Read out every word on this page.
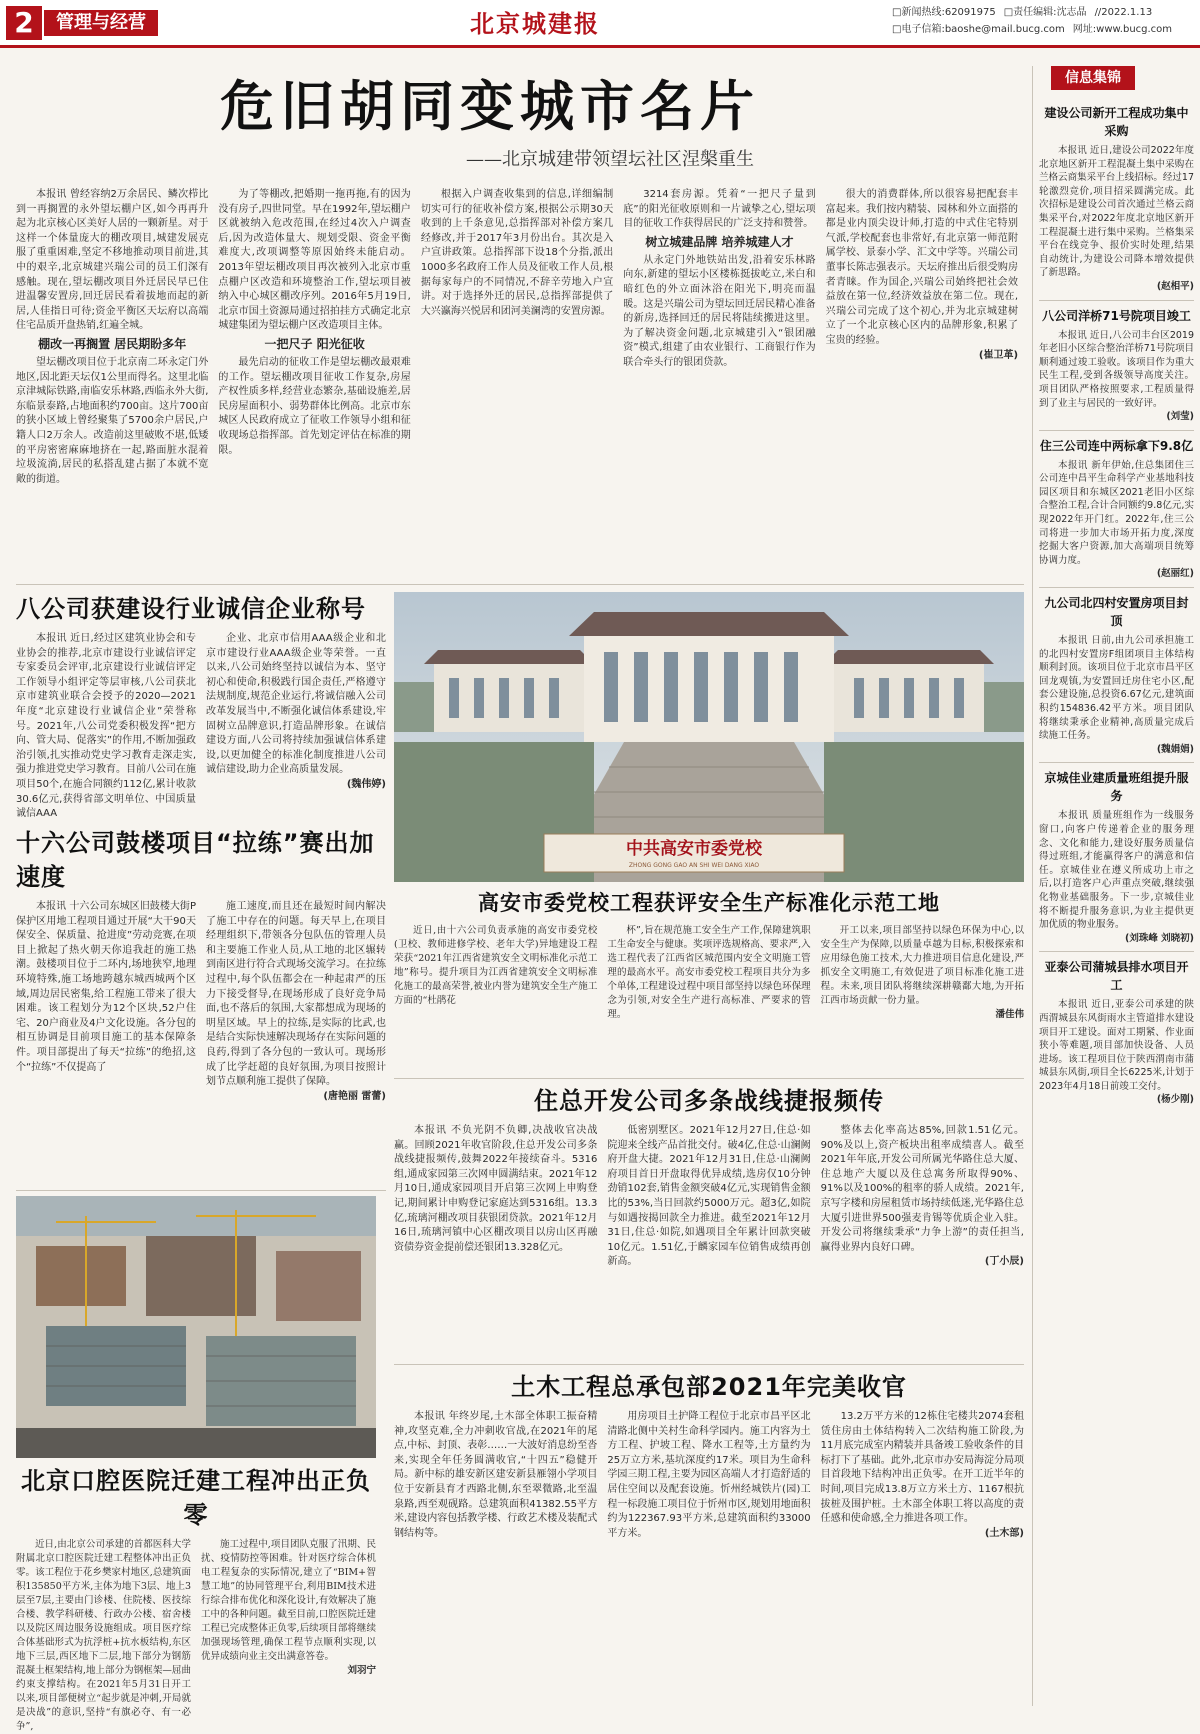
2	管理与经营	北京城建报	□新闻热线:62091975 □责任编辑:沈志晶 //2022.1.13
□电子信箱:baoshe@mail.bucg.com 网址:www.bucg.com
危旧胡同变城市名片
——北京城建带领望坛社区涅槃重生

本报讯 曾经容纳2万余居民、鳞次栉比到一再搁置的永外望坛棚户区,如今再再升起为北京核心区美好人居的一颗新星。对于这样一个体量庞大的棚改项目,城建发展克服了重重困难,坚定不移地推动项目前进,其中的艰辛,北京城建兴瑞公司的员工们深有感触。现在,望坛棚改项目外迁居民早已住进温馨安置房,回迁居民看着拔地而起的新居,人佳指日可待;资金平衡区天坛府以高端住宅品质开盘热销,红遍全城。

棚改一再搁置 居民期盼多年

望坛棚改项目位于北京南二环永定门外地区,因北距天坛仅1公里而得名。这里北临京津城际铁路,南临安乐林路,西临永外大街,东临景泰路,占地面积约700亩。这片700亩的狭小区域上曾经聚集了5700余户居民,户籍人口2万余人。改造前这里破败不堪,低矮的平房密密麻麻地挤在一起,路面脏水混着垃圾流淌,居民的私搭乱建占据了本就不宽敞的街道。

为了等棚改,把婚期一拖再拖,有的因为没有房子,四世同堂。早在1992年,望坛棚户区就被纳入危改范围,在经过4次入户调查后,因为改造体量大、规划受限、资金平衡难度大,改项调整等原因始终未能启动。2013年望坛棚改项目再次被列入北京市重点棚户区改造和环境整治工作,望坛项目被纳入中心城区棚改序列。2016年5月19日,北京市国土资源局通过招拍挂方式确定北京城建集团为望坛棚户区改造项目主体。

一把尺子 阳光征收

最先启动的征收工作是望坛棚改最艰难的工作。望坛棚改项目征收工作复杂,房屋产权性质多样,经营业态繁杂,基础设施差,居民房屋面积小、弱势群体比例高。北京市东城区人民政府成立了征收工作领导小组和征收现场总指挥部。首先划定评估在标准的期限。

根据入户调查收集到的信息,详细编制切实可行的征收补偿方案,根据公示期30天收到的上千条意见,总指挥部对补偿方案几经修改,并于2017年3月份出台。其次是入户宣讲政策。总指挥部下设18个分指,派出1000多名政府工作人员及征收工作人员,根据每家每户的不同情况,不辞辛劳地入户宣讲。对于选择外迁的居民,总指挥部提供了大兴瀛海兴悦居和团河美澜湾的安置房源。

3214套房源。凭着“一把尺子量到底”的阳光征收原则和一片诚挚之心,望坛项目的征收工作获得居民的广泛支持和赞誉。

树立城建品牌 培养城建人才

从永定门外地铁站出发,沿着安乐林路向东,新建的望坛小区楼栋挺拔屹立,米白和暗红色的外立面沐浴在阳光下,明亮而温暖。这是兴瑞公司为望坛回迁居民精心准备的新房,选择回迁的居民将陆续搬进这里。为了解决资金问题,北京城建引入“银团融资”模式,组建了由农业银行、工商银行作为联合牵头行的银团贷款。

很大的消费群体,所以很容易把配套丰富起来。我们按内精装、园林和外立面搭的都是业内顶尖设计师,打造的中式住宅特别气派,学校配套也非常好,有北京第一师范附属学校、景泰小学、汇文中学等。兴瑞公司董事长陈志强表示。天坛府推出后很受购房者青睐。作为国企,兴瑞公司始终把社会效益放在第一位,经济效益放在第二位。现在,兴瑞公司完成了这个初心,并为北京城建树立了一个北京核心区内的品牌形象,积累了宝贵的经验。

(崔卫革)

八公司获建设行业诚信企业称号
本报讯 近日,经过区建筑业协会和专业协会的推荐,北京市建设行业诚信评定专家委员会评审,北京建设行业诚信评定工作领导小组评定等层审核,八公司获北京市建筑业联合会授予的2020—2021年度“北京建设行业诚信企业”荣誉称号。2021年,八公司党委积极发挥“把方向、管大局、促落实”的作用,不断加强政治引领,扎实推动党史学习教育走深走实,强力推进党史学习教育。目前八公司在施项目50个,在施合同额约112亿,累计收款30.6亿元,获得省部文明单位、中国质量诚信AAA

企业、北京市信用AAA级企业和北京市建设行业AAA级企业等荣誉。一直以来,八公司始终坚持以诚信为本、坚守初心和使命,积极践行国企责任,严格遵守法规制度,规范企业运行,将诚信融入公司改革发展当中,不断强化诚信体系建设,牢固树立品牌意识,打造品牌形象。在诚信建设方面,八公司将持续加强诚信体系建设,以更加健全的标准化制度推进八公司诚信建设,助力企业高质量发展。

(魏伟婷)

十六公司鼓楼项目“拉练”赛出加速度
本报讯 十六公司东城区旧鼓楼大街P保护区用地工程项目通过开展“大干90天保安全、保质量、抢进度”劳动竞赛,在项目上掀起了热火朝天你追我赶的施工热潮。鼓楼项目位于二环内,场地狭窄,地理环境特殊,施工场地跨越东城西城两个区域,周边居民密集,给工程施工带来了很大困难。该工程划分为12个区块,52户住宅、20户商业及4户文化设施。各分包的相互协调是目前项目施工的基本保障条件。项目部提出了每天“拉练”的绝招,这个“拉练”不仅提高了

施工速度,而且还在最短时间内解决了施工中存在的问题。每天早上,在项目经理组织下,带领各分包队伍的管理人员和主要施工作业人员,从工地的北区辗转到南区进行符合式现场交流学习。在拉练过程中,每个队伍都会在一种起肃严的压力下接受督导,在现场形成了良好竞争局面,也不落后的氛围,大家都想成为现场的明星区域。早上的拉练,是实际的比武,也是结合实际快速解决现场存在实际问题的良药,得到了各分包的一致认可。现场形成了比学赶超的良好氛围,为项目按照计划节点顺利施工提供了保障。

(唐艳丽 雷蕾)

中共高安市委党校
ZHONG GONG GAO AN SHI WEI DANG XIAO
高安市委党校工程获评安全生产标准化示范工地
近日,由十六公司负责承施的高安市委党校(卫校、教师进修学校、老年大学)异地建设工程荣获“2021年江西省建筑安全文明标准化示范工地”称号。提升项目为江西省建筑安全文明标准化施工的最高荣誉,被业内誉为建筑安全生产施工方面的“杜鹃花
杯”,旨在规范施工安全生产工作,保障建筑职工生命安全与健康。奖项评选规格高、要求严,入选工程代表了江西省区城范围内安全文明施工管理的最高水平。高安市委党校工程项目共分为多个单体,工程建设过程中项目部坚持以绿色环保理念为引领,对安全生产进行高标准、严要求的管理。

开工以来,项目部坚持以绿色环保为中心,以安全生产为保障,以质量卓越为目标,积极探索和应用绿色施工技术,大力推进项目信息化建设,严抓安全文明施工,有效促进了项目标准化施工进程。未来,项目团队将继续深耕赣鄱大地,为开拓江西市场贡献一份力量。

潘佳伟

住总开发公司多条战线捷报频传
本报讯 不负光阴不负卿,决战收官决战赢。回顾2021年收官阶段,住总开发公司多条战线捷报频传,鼓舞2022年接续奋斗。5316组,通成家园第三次网申圆满结束。2021年12月10日,通成家园项目开启第三次网上申购登记,期间累计申购登记家庭达到5316组。13.3亿,琉璃河棚改项目获银团贷款。2021年12月16日,琉璃河镇中心区棚改项目以房山区再融资债券资金提前偿还银团13.328亿元。
低密别墅区。2021年12月27日,住总·如院迎来全线产品首批交付。破4亿,住总·山澜阙府开盘大捷。2021年12月31日,住总·山澜阙府项目首日开盘取得优异成绩,选房仅10分钟劲销102套,销售金额突破4亿元,实现销售金额比的53%,当日回款约5000万元。超3亿,如院与如遇按揭回款全力推进。截至2021年12月31日,住总·如院,如遇项目全年累计回款突破10亿元。1.51亿,于麟家园车位销售成绩再创新高。

整体去化率高达85%,回款1.51亿元。90%及以上,资产板块出租率成绩喜人。截至2021年年底,开发公司所属光华路住总大厦、住总地产大厦以及住总寓务所取得90%、91%以及100%的租率的骄人成绩。2021年,京写字楼和房屋租赁市场持续低迷,光华路住总大厦引进世界500强麦肯锡等优质企业入驻。开发公司将继续秉承“力争上游”的责任担当,赢得业界内良好口碑。

(丁小辰)

北京口腔医院迁建工程冲出正负零
近日,由北京公司承建的首都医科大学附属北京口腔医院迁建工程整体冲出正负零。该工程位于花乡樊家村地区,总建筑面积135850平方米,主体为地下3层、地上3层至7层,主要由门诊楼、住院楼、医技综合楼、教学科研楼、行政办公楼、宿舍楼以及院区周边服务设施组成。项目医疗综合体基础形式为抗浮桩+抗水板结构,东区地下三层,西区地下二层,地下部分为钢筋混凝土框架结构,地上部分为钢框架—屈曲约束支撑结构。在2021年5月31日开工以来,项目部便树立“起步就是冲刺,开局就是决战”的意识,坚持“有旗必夺、有一必争”,

施工过程中,项目团队克服了汛期、民扰、疫情防控等困难。针对医疗综合体机电工程复杂的实际情况,建立了“BIM+智慧工地”的协同管理平台,利用BIM技术进行综合排布优化和深化设计,有效解决了施工中的各种问题。截至目前,口腔医院迁建工程已完成整体正负零,后续项目部将继续加强现场管理,确保工程节点顺利实现,以优异成绩向业主交出满意答卷。

刘羽宁

土木工程总承包部2021年完美收官
本报讯 年终岁尾,土木部全体职工振奋精神,攻坚克难,全力冲刺收官战,在2021年的尾点,中标、封顶、表彰……一大波好消息纷至沓来,实现全年任务圆满收官,“十四五”稳健开局。新中标的雄安新区建安新县雁翎小学项目位于安新县育才西路北侧,东至翠微路,北至温泉路,西至观砚路。总建筑面积41382.55平方米,建设内容包括教学楼、行政艺术楼及装配式钢结构等。
用房项目土护降工程位于北京市昌平区北清路北侧中关村生命科学园内。施工内容为土方工程、护坡工程、降水工程等,土方量约为25万立方米,基坑深度约17米。项目为生命科学园三期工程,主要为园区高端人才打造舒适的居住空间以及配套设施。忻州经城铁片(园)工程一标段施工项目位于忻州市区,规划用地面积约为122367.93平方米,总建筑面积约33000平方米。

13.2万平方米的12栋住宅楼共2074套租赁住房由土体结构转入二次结构施工阶段,为11月底完成室内精装并具备竣工验收条件的目标打下了基础。此外,北京市办安局海淀分局项目首段地下结构冲出正负零。在开工近半年的时间,项目完成13.8万立方米土方、1167根抗拔桩及围护桩。土木部全体职工将以高度的责任感和使命感,全力推进各项工作。

(土木部)

信息集锦
建设公司新开工程成功集中采购
本报讯 近日,建设公司2022年度北京地区新开工程混凝土集中采购在兰格云商集采平台上线招标。经过17轮激烈竞价,项目招采圆满完成。此次招标是建设公司首次通过兰格云商集采平台,对2022年度北京地区新开工程混凝土进行集中采购。兰格集采平台在线竞争、报价实时处理,结果自动统计,为建设公司降本增效提供了新思路。
(赵相平)
八公司洋桥71号院项目竣工
本报讯 近日,八公司丰台区2019年老旧小区综合整治洋桥71号院项目顺利通过竣工验收。该项目作为重大民生工程,受到各级领导高度关注。项目团队严格按照要求,工程质量得到了业主与居民的一致好评。
(刘莹)
住三公司连中两标拿下9.8亿
本报讯 新年伊始,住总集团住三公司连中昌平生命科学产业基地科技园区项目和东城区2021老旧小区综合整治工程,合计合同额约9.8亿元,实现2022年开门红。2022年,住三公司将进一步加大市场开拓力度,深度挖掘大客户资源,加大高端项目统筹协调力度。
(赵丽红)
九公司北四村安置房项目封顶
本报讯 日前,由九公司承担施工的北四村安置房F组团项目主体结构顺利封顶。该项目位于北京市昌平区回龙观镇,为安置回迁房住宅小区,配套公建设施,总投资6.67亿元,建筑面积约154836.42平方米。项目团队将继续秉承企业精神,高质量完成后续施工任务。
(魏娟娟)
京城佳业建质量班组提升服务
本报讯 质量班组作为一线服务窗口,向客户传递着企业的服务理念、文化和能力,建设好服务质量信得过班组,才能赢得客户的满意和信任。京城佳业在遵义所成功上市之后,以打造客户心声重点突破,继续强化物业基础服务。下一步,京城佳业将不断提升服务意识,为业主提供更加优质的物业服务。
(刘珠峰 刘晓初)
亚泰公司蒲城县排水项目开工
本报讯 近日,亚泰公司承建的陕西渭城县东风街雨水主管道排水建设项目开工建设。面对工期紧、作业面狭小等难题,项目部加快设备、人员进场。该工程项目位于陕西渭南市蒲城县东风街,项目全长6225米,计划于2023年4月18日前竣工交付。
(杨少刚)
